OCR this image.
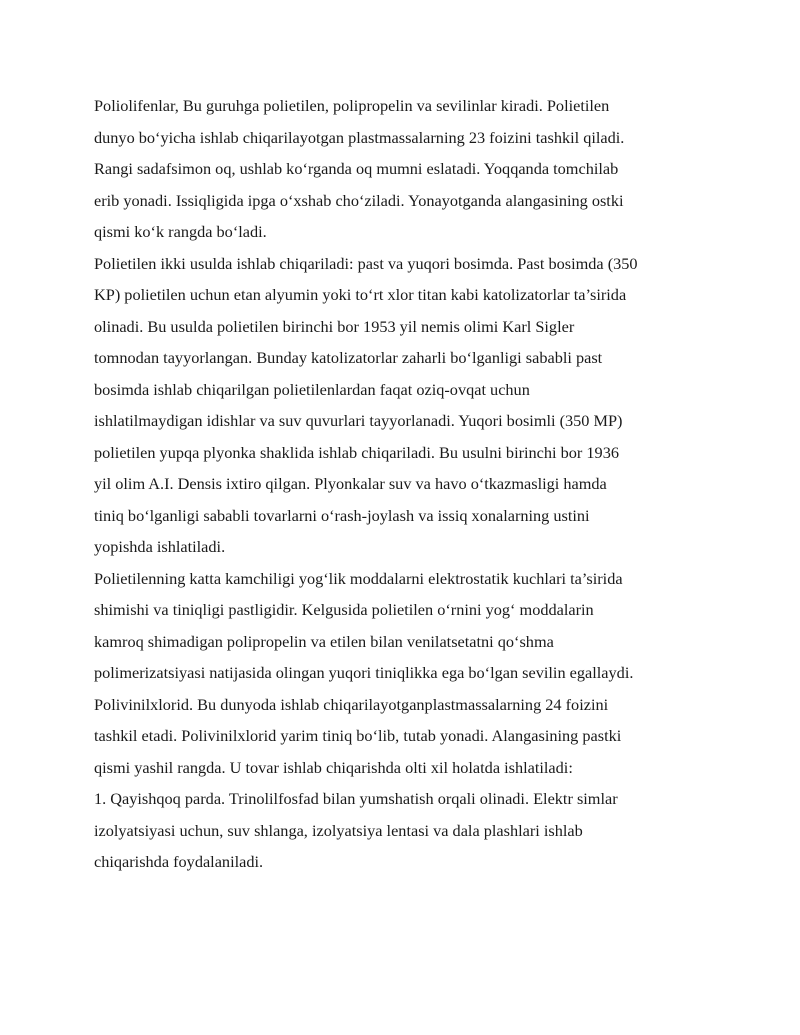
Poliolifenlar, Bu guruhga polietilen, polipropelin va sevilinlar kiradi. Polietilen
dunyo bo‘yicha ishlab chiqarilayotgan plastmassalarning 23 foizini tashkil qiladi.
Rangi sadafsimon oq, ushlab ko‘rganda oq mumni eslatadi. Yoqqanda tomchilab
erib yonadi. Issiqligida ipga o‘xshab cho‘ziladi. Yonayotganda alangasining ostki
qismi ko‘k rangda bo‘ladi.
Polietilen ikki usulda ishlab chiqariladi: past va yuqori bosimda. Past bosimda (350
KP) polietilen uchun etan alyumin yoki to‘rt xlor titan kabi katolizatorlar ta’sirida
olinadi. Bu usulda polietilen birinchi bor 1953 yil nemis olimi Karl Sigler
tomnodan tayyorlangan. Bunday katolizatorlar zaharli bo‘lganligi sababli past
bosimda ishlab chiqarilgan polietilenlardan faqat oziq-ovqat uchun
ishlatilmaydigan idishlar va suv quvurlari tayyorlanadi. Yuqori bosimli (350 MP)
polietilen yupqa plyonka shaklida ishlab chiqariladi. Bu usulni birinchi bor 1936
yil olim A.I. Densis ixtiro qilgan. Plyonkalar suv va havo o‘tkazmasligi hamda
tiniq bo‘lganligi sababli tovarlarni o‘rash-joylash va issiq xonalarning ustini
yopishda ishlatiladi.
Polietilenning katta kamchiligi yog‘lik moddalarni elektrostatik kuchlari ta’sirida
shimishi va tiniqligi pastligidir. Kelgusida polietilen o‘rnini yog‘ moddalarin
kamroq shimadigan polipropelin va etilen bilan venilatsetatni qo‘shma
polimerizatsiyasi natijasida olingan yuqori tiniqlikka ega bo‘lgan sevilin egallaydi.
Polivinilxlorid. Bu dunyoda ishlab chiqarilayotganplastmassalarning 24 foizini
tashkil etadi. Polivinilxlorid yarim tiniq bo‘lib, tutab yonadi. Alangasining pastki
qismi yashil rangda. U tovar ishlab chiqarishda olti xil holatda ishlatiladi:
1. Qayishqoq parda. Trinolilfosfad bilan yumshatish orqali olinadi. Elektr simlar
izolyatsiyasi uchun, suv shlanga, izolyatsiya lentasi va dala plashlari ishlab
chiqarishda foydalaniladi.
